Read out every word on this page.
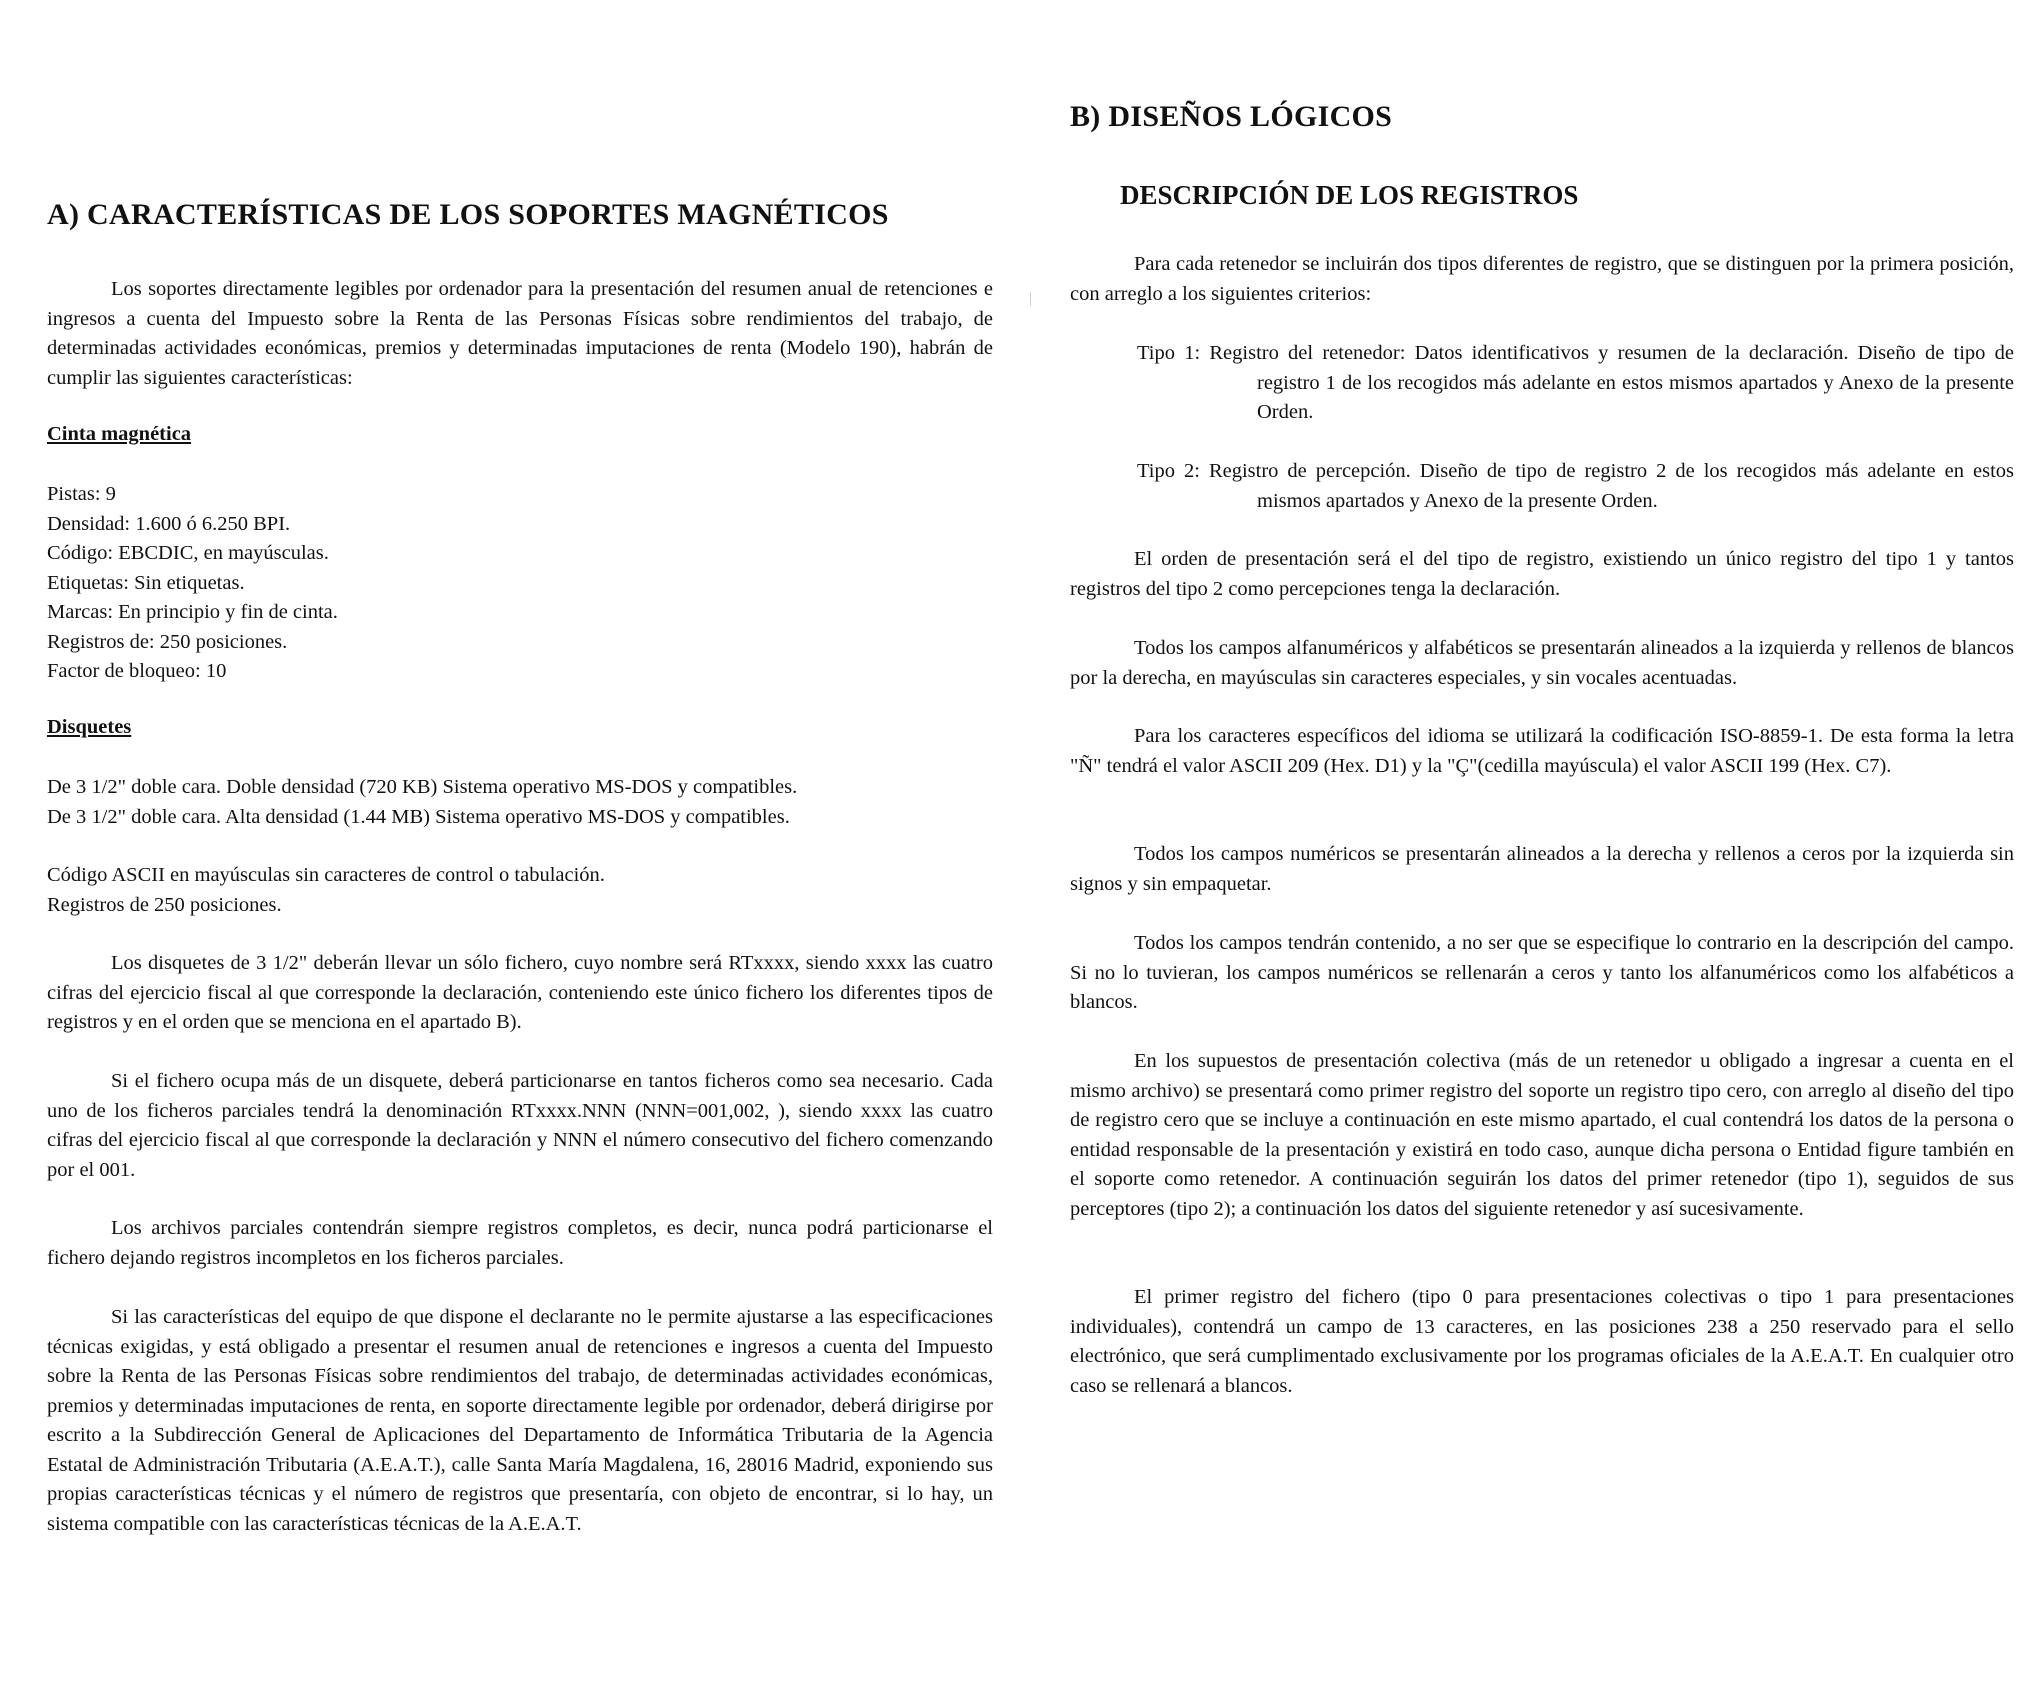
A) CARACTERÍSTICAS DE LOS SOPORTES MAGNÉTICOS

Los soportes directamente legibles por ordenador para la presentación del resumen anual de retenciones e ingresos a cuenta del Impuesto sobre la Renta de las Personas Físicas sobre rendimientos del trabajo, de determinadas actividades económicas, premios y determinadas imputaciones de renta (Modelo 190), habrán de cumplir las siguientes características:

Cinta magnética

Pistas: 9

Densidad: 1.600 ó 6.250 BPI.

Código: EBCDIC, en mayúsculas.

Etiquetas: Sin etiquetas.

Marcas: En principio y fin de cinta.

Registros de: 250 posiciones.

Factor de bloqueo: 10

Disquetes

De 3 1/2" doble cara. Doble densidad (720 KB) Sistema operativo MS-DOS y compatibles.

De 3 1/2" doble cara. Alta densidad (1.44 MB) Sistema operativo MS-DOS y compatibles.

Código ASCII en mayúsculas sin caracteres de control o tabulación.

Registros de 250 posiciones.

Los disquetes de 3 1/2" deberán llevar un sólo fichero, cuyo nombre será RTxxxx, siendo xxxx las cuatro cifras del ejercicio fiscal al que corresponde la declaración, conteniendo este único fichero los diferentes tipos de registros y en el orden que se menciona en el apartado B).

Si el fichero ocupa más de un disquete, deberá particionarse en tantos ficheros como sea necesario. Cada uno de los ficheros parciales tendrá la denominación RTxxxx.NNN (NNN=001,002, ), siendo xxxx las cuatro cifras del ejercicio fiscal al que corresponde la declaración y NNN el número consecutivo del fichero comenzando por el 001.

Los archivos parciales contendrán siempre registros completos, es decir, nunca podrá particionarse el fichero dejando registros incompletos en los ficheros parciales.

Si las características del equipo de que dispone el declarante no le permite ajustarse a las especificaciones técnicas exigidas, y está obligado a presentar el resumen anual de retenciones e ingresos a cuenta del Impuesto sobre la Renta de las Personas Físicas sobre rendimientos del trabajo, de determinadas actividades económicas, premios y determinadas imputaciones de renta, en soporte directamente legible por ordenador, deberá dirigirse por escrito a la Subdirección General de Aplicaciones del Departamento de Informática Tributaria de la Agencia Estatal de Administración Tributaria (A.E.A.T.), calle Santa María Magdalena, 16, 28016 Madrid, exponiendo sus propias características técnicas y el número de registros que presentaría, con objeto de encontrar, si lo hay, un sistema compatible con las características técnicas de la A.E.A.T.

B) DISEÑOS LÓGICOS
DESCRIPCIÓN DE LOS REGISTROS

Para cada retenedor se incluirán dos tipos diferentes de registro, que se distinguen por la primera posición, con arreglo a los siguientes criterios:

Tipo 1: Registro del retenedor: Datos identificativos y resumen de la declaración. Diseño de tipo de registro 1 de los recogidos más adelante en estos mismos apartados y Anexo de la presente Orden.
Tipo 2: Registro de percepción. Diseño de tipo de registro 2 de los recogidos más adelante en estos mismos apartados y Anexo de la presente Orden.

El orden de presentación será el del tipo de registro, existiendo un único registro del tipo 1 y tantos registros del tipo 2 como percepciones tenga la declaración.

Todos los campos alfanuméricos y alfabéticos se presentarán alineados a la izquierda y rellenos de blancos por la derecha, en mayúsculas sin caracteres especiales, y sin vocales acentuadas.

Para los caracteres específicos del idioma se utilizará la codificación ISO-8859-1. De esta forma la letra "Ñ" tendrá el valor ASCII 209 (Hex. D1) y la "Ç"(cedilla mayúscula) el valor ASCII 199 (Hex. C7).

Todos los campos numéricos se presentarán alineados a la derecha y rellenos a ceros por la izquierda sin signos y sin empaquetar.

Todos los campos tendrán contenido, a no ser que se especifique lo contrario en la descripción del campo. Si no lo tuvieran, los campos numéricos se rellenarán a ceros y tanto los alfanuméricos como los alfabéticos a blancos.

En los supuestos de presentación colectiva (más de un retenedor u obligado a ingresar a cuenta en el mismo archivo) se presentará como primer registro del soporte un registro tipo cero, con arreglo al diseño del tipo de registro cero que se incluye a continuación en este mismo apartado, el cual contendrá los datos de la persona o entidad responsable de la presentación y existirá en todo caso, aunque dicha persona o Entidad figure también en el soporte como retenedor. A continuación seguirán los datos del primer retenedor (tipo 1), seguidos de sus perceptores (tipo 2); a continuación los datos del siguiente retenedor y así sucesivamente.

El primer registro del fichero (tipo 0 para presentaciones colectivas o tipo 1 para presentaciones individuales), contendrá un campo de 13 caracteres, en las posiciones 238 a 250 reservado para el sello electrónico, que será cumplimentado exclusivamente por los programas oficiales de la A.E.A.T. En cualquier otro caso se rellenará a blancos.
